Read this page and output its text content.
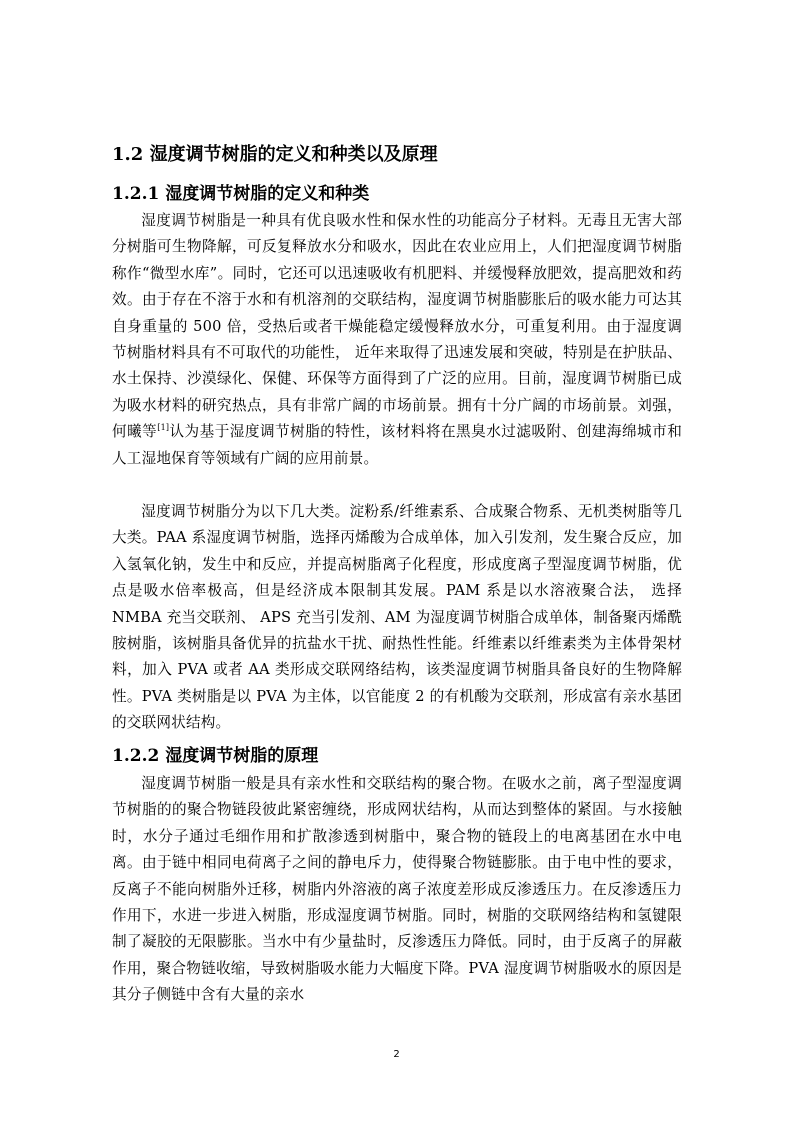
1.2 湿度调节树脂的定义和种类以及原理
1.2.1 湿度调节树脂的定义和种类

湿度调节树脂是一种具有优良吸水性和保水性的功能高分子材料。无毒且无害大部分树脂可生物降解，可反复释放水分和吸水，因此在农业应用上，人们把湿度调节树脂称作“微型水库”。同时，它还可以迅速吸收有机肥料、并缓慢释放肥效，提高肥效和药效。由于存在不溶于水和有机溶剂的交联结构，湿度调节树脂膨胀后的吸水能力可达其自身重量的 500 倍，受热后或者干燥能稳定缓慢释放水分，可重复利用。由于湿度调节树脂材料具有不可取代的功能性， 近年来取得了迅速发展和突破，特别是在护肤品、水土保持、沙漠绿化、保健、环保等方面得到了广泛的应用。目前，湿度调节树脂已成为吸水材料的研究热点，具有非常广阔的市场前景。拥有十分广阔的市场前景。刘强，何曦等[1]认为基于湿度调节树脂的特性，该材料将在黑臭水过滤吸附、创建海绵城市和人工湿地保育等领域有广阔的应用前景。

湿度调节树脂分为以下几大类。淀粉系/纤维素系、合成聚合物系、无机类树脂等几大类。PAA 系湿度调节树脂，选择丙烯酸为合成单体，加入引发剂，发生聚合反应，加入氢氧化钠，发生中和反应，并提高树脂离子化程度，形成度离子型湿度调节树脂，优点是吸水倍率极高，但是经济成本限制其发展。PAM 系是以水溶液聚合法， 选择 NMBA 充当交联剂、 APS 充当引发剂、AM 为湿度调节树脂合成单体，制备聚丙烯酰胺树脂，该树脂具备优异的抗盐水干扰、耐热性性能。纤维素以纤维素类为主体骨架材料，加入 PVA 或者 AA 类形成交联网络结构，该类湿度调节树脂具备良好的生物降解性。PVA 类树脂是以 PVA 为主体，以官能度 2 的有机酸为交联剂，形成富有亲水基团的交联网状结构。

1.2.2 湿度调节树脂的原理

湿度调节树脂一般是具有亲水性和交联结构的聚合物。在吸水之前，离子型湿度调节树脂的的聚合物链段彼此紧密缠绕，形成网状结构，从而达到整体的紧固。与水接触时，水分子通过毛细作用和扩散渗透到树脂中，聚合物的链段上的电离基团在水中电离。由于链中相同电荷离子之间的静电斥力，使得聚合物链膨胀。由于电中性的要求，反离子不能向树脂外迁移，树脂内外溶液的离子浓度差形成反渗透压力。在反渗透压力作用下，水进一步进入树脂，形成湿度调节树脂。同时，树脂的交联网络结构和氢键限制了凝胶的无限膨胀。当水中有少量盐时，反渗透压力降低。同时，由于反离子的屏蔽作用，聚合物链收缩，导致树脂吸水能力大幅度下降。PVA 湿度调节树脂吸水的原因是其分子侧链中含有大量的亲水

2
